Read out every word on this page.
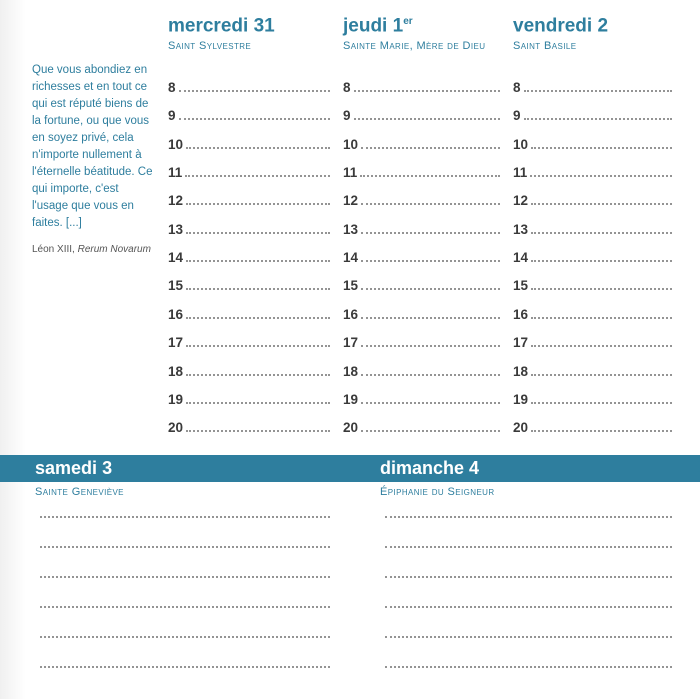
Que vous abondiez en richesses et en tout ce qui est réputé biens de la fortune, ou que vous en soyez privé, cela n'importe nullement à l'éternelle béatitude. Ce qui importe, c'est l'usage que vous en faites. [...]

Léon XIII, Rerum Novarum

mercredi 31
Saint Sylvestre
8
9
10
11
12
13
14
15
16
17
18
19
20
jeudi 1er
Sainte Marie, Mère de Dieu
8
9
10
11
12
13
14
15
16
17
18
19
20
vendredi 2
Saint Basile
8
9
10
11
12
13
14
15
16
17
18
19
20
samedi 3	dimanche 4
Sainte Geneviève	Épiphanie du Seigneur
